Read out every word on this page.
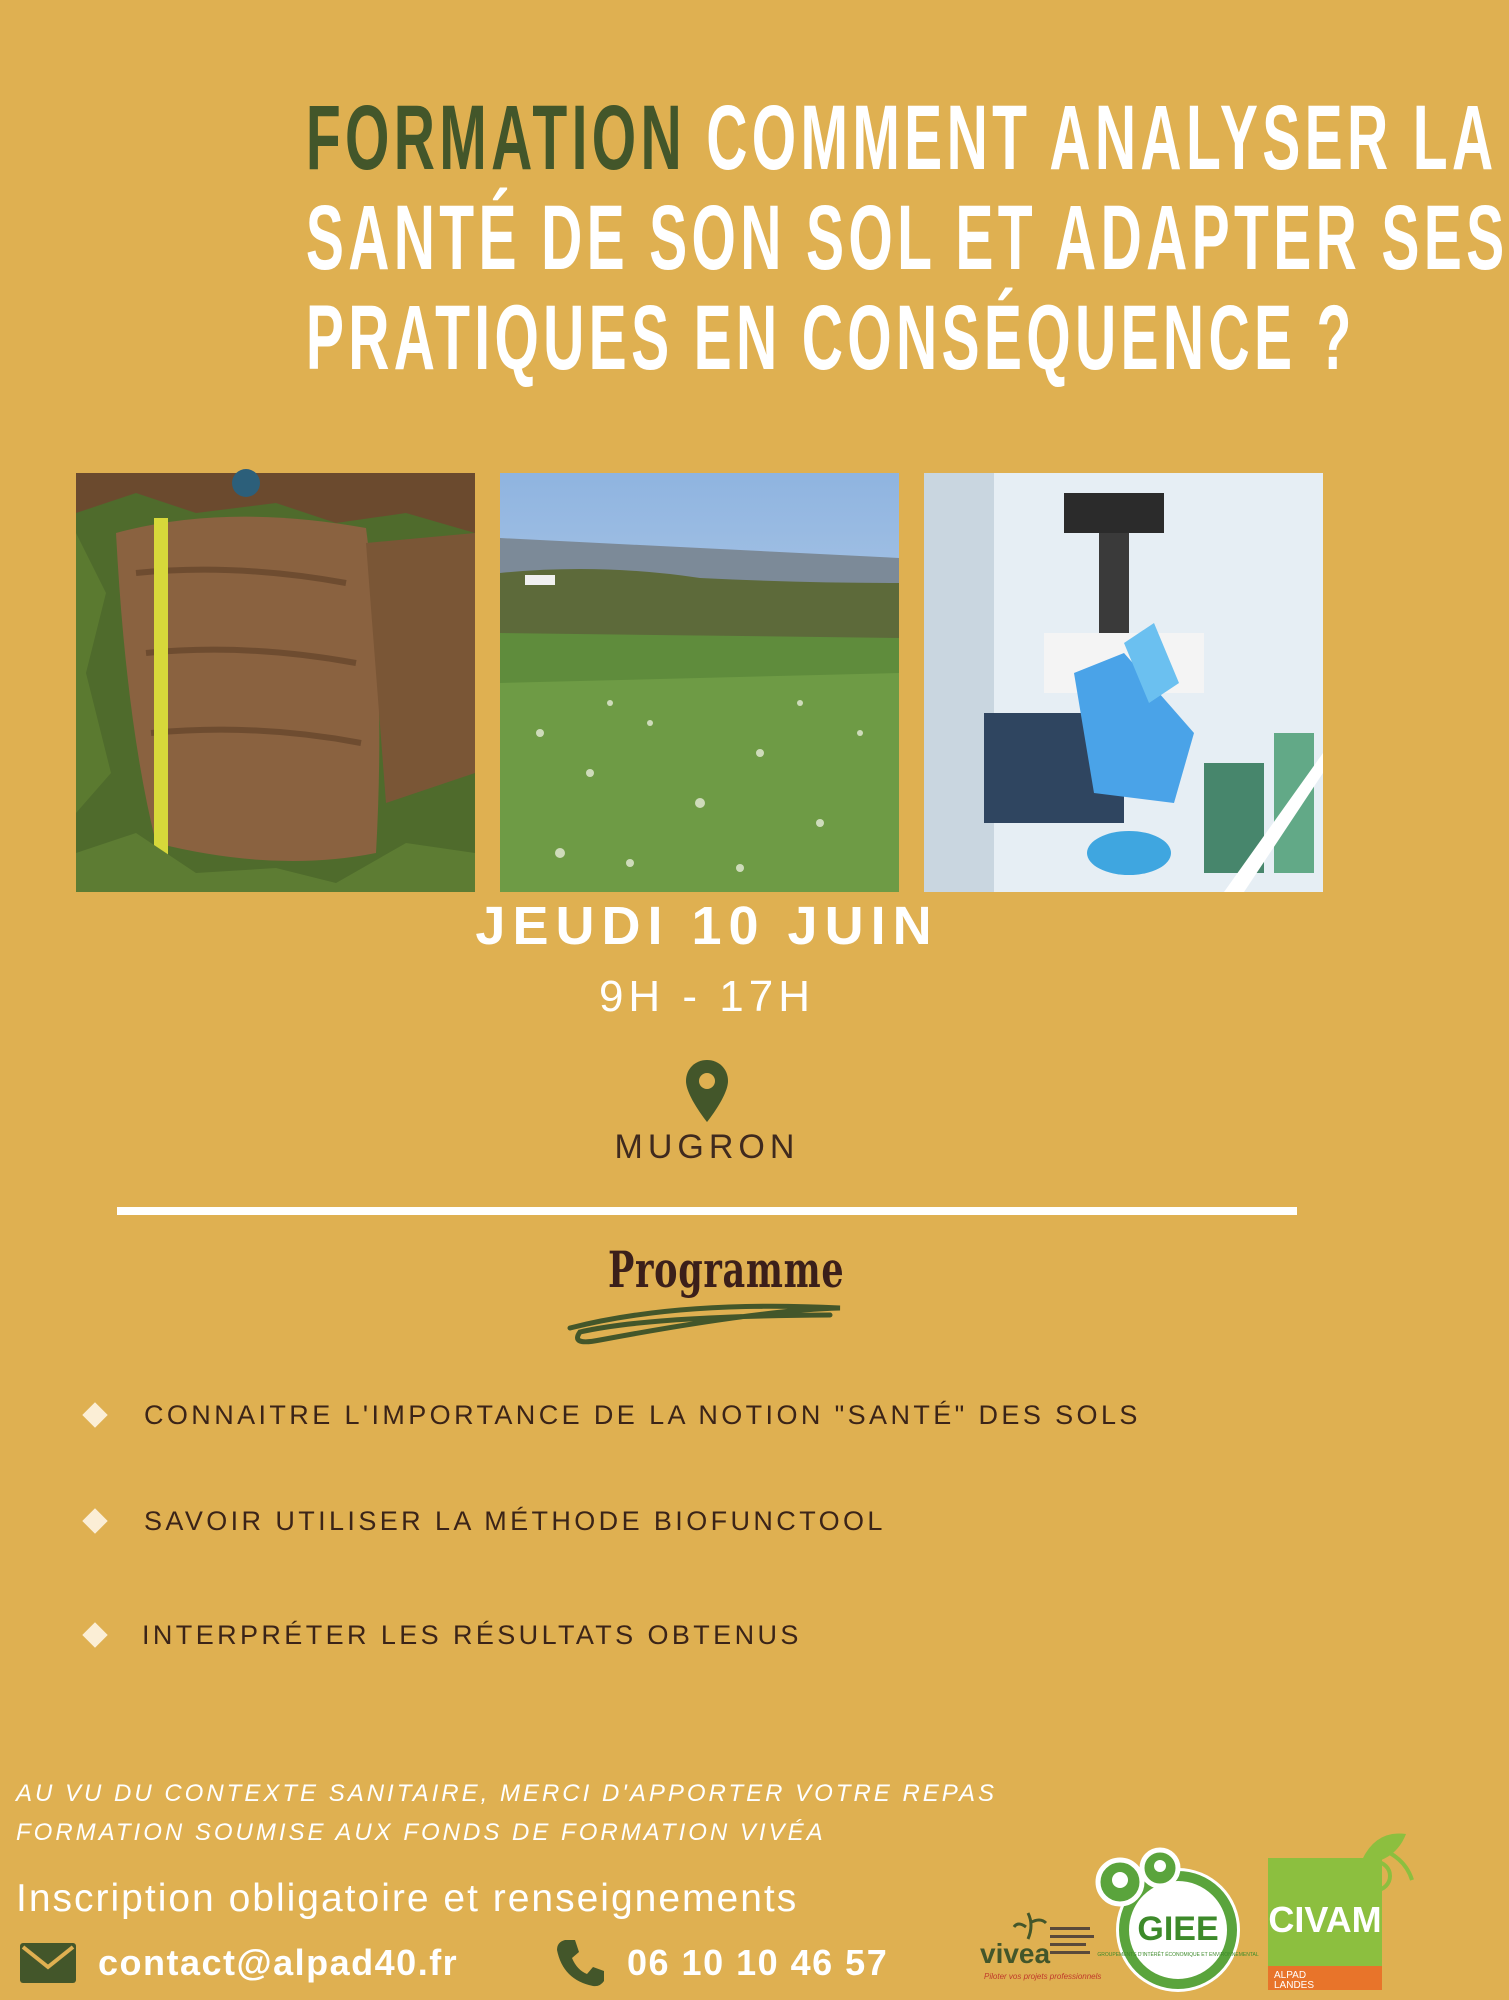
FORMATION COMMENT ANALYSER LA
SANTÉ DE SON SOL ET ADAPTER SES
PRATIQUES EN CONSÉQUENCE ?
JEUDI 10 JUIN
9H - 17H
MUGRON
Programme
CONNAITRE L'IMPORTANCE DE LA NOTION "SANTÉ" DES SOLS
SAVOIR UTILISER LA MÉTHODE BIOFUNCTOOL
INTERPRÉTER LES RÉSULTATS OBTENUS
AU VU DU CONTEXTE SANITAIRE, MERCI D'APPORTER VOTRE REPAS
FORMATION SOUMISE AUX FONDS DE FORMATION VIVÉA
Inscription obligatoire et renseignements
contact@alpad40.fr	06 10 10 46 57	vivea
Piloter vos projets professionnels
GIEE
GROUPEMENTS D'INTÉRÊT ÉCONOMIQUE ET ENVIRONNEMENTAL
CIVAM
ALPAD
LANDES
